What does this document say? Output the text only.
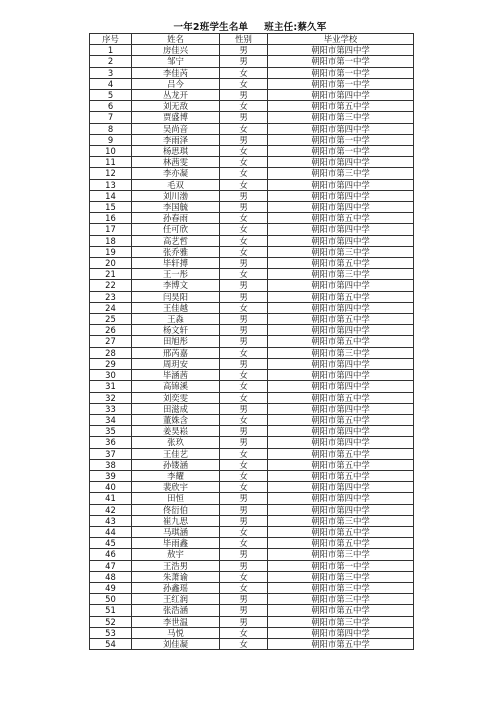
一年2班学生名单 班主任:蔡久军
序号	姓名	性别	毕业学校
1	房佳兴	男	朝阳市第四中学
2	邹宁	男	朝阳市第一中学
3	李佳芮	女	朝阳市第一中学
4	吕今	女	朝阳市第一中学
5	丛龙开	男	朝阳市第四中学
6	刘无敌	女	朝阳市第五中学
7	贾盛博	男	朝阳市第三中学
8	吴尚音	女	朝阳市第四中学
9	李雨泽	男	朝阳市第一中学
10	杨思琪	女	朝阳市第一中学
11	林茜雯	女	朝阳市第四中学
12	李亦凝	女	朝阳市第三中学
13	毛双	女	朝阳市第四中学
14	刘川渤	男	朝阳市第四中学
15	李国毓	男	朝阳市第四中学
16	孙春雨	女	朝阳市第五中学
17	任可欣	女	朝阳市第四中学
18	高艺哲	女	朝阳市第四中学
19	张乔雅	女	朝阳市第三中学
20	毕轩搏	男	朝阳市第五中学
21	王一彤	女	朝阳市第三中学
22	李博文	男	朝阳市第四中学
23	闫昊阳	男	朝阳市第五中学
24	王佳越	女	朝阳市第四中学
25	王淼	男	朝阳市第五中学
26	杨文轩	男	朝阳市第四中学
27	田旭彤	男	朝阳市第五中学
28	邢芮嘉	女	朝阳市第三中学
29	周玥安	男	朝阳市第四中学
30	毕涵茜	女	朝阳市第四中学
31	高锦溪	女	朝阳市第四中学
32	刘奕雯	女	朝阳市第五中学
33	田滋成	男	朝阳市第四中学
34	董姝含	女	朝阳市第五中学
35	姜昊崧	男	朝阳市第四中学
36	张玖	男	朝阳市第四中学
37	王佳艺	女	朝阳市第五中学
38	孙镂涵	女	朝阳市第五中学
39	李耀	女	朝阳市第五中学
40	裴欣宇	女	朝阳市第四中学
41	田恒	男	朝阳市第四中学
42	佟衍伯	男	朝阳市第四中学
43	崔九思	男	朝阳市第三中学
44	马琪涵	女	朝阳市第五中学
45	毕雨鑫	女	朝阳市第五中学
46	敖宇	男	朝阳市第三中学
47	王浩男	男	朝阳市第一中学
48	朱萧谕	女	朝阳市第三中学
49	孙鑫瑶	女	朝阳市第三中学
50	王红润	男	朝阳市第三中学
51	张浩涵	男	朝阳市第五中学
52	李世温	男	朝阳市第三中学
53	马悦	女	朝阳市第四中学
54	刘佳凝	女	朝阳市第五中学
